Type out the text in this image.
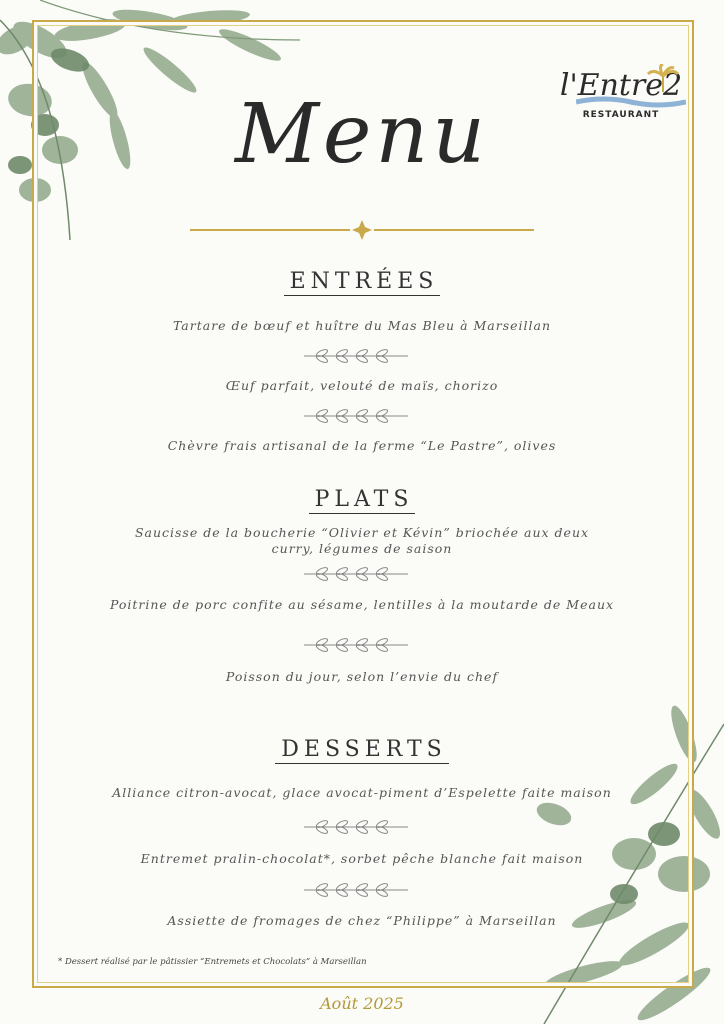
l'Entre2
RESTAURANT
Menu
ENTRÉES
Tartare de bœuf et huître du Mas Bleu à Marseillan
Œuf parfait, velouté de maïs, chorizo
Chèvre frais artisanal de la ferme “Le Pastre”, olives
PLATS
Saucisse de la boucherie “Olivier et Kévin” briochée aux deux curry, légumes de saison
Poitrine de porc confite au sésame, lentilles à la moutarde de Meaux
Poisson du jour, selon l’envie du chef
DESSERTS
Alliance citron-avocat, glace avocat-piment d’Espelette faite maison
Entremet pralin-chocolat*, sorbet pêche blanche fait maison
Assiette de fromages de chez “Philippe” à Marseillan
* Dessert réalisé par le pâtissier “Entremets et Chocolats” à Marseillan
Août 2025
